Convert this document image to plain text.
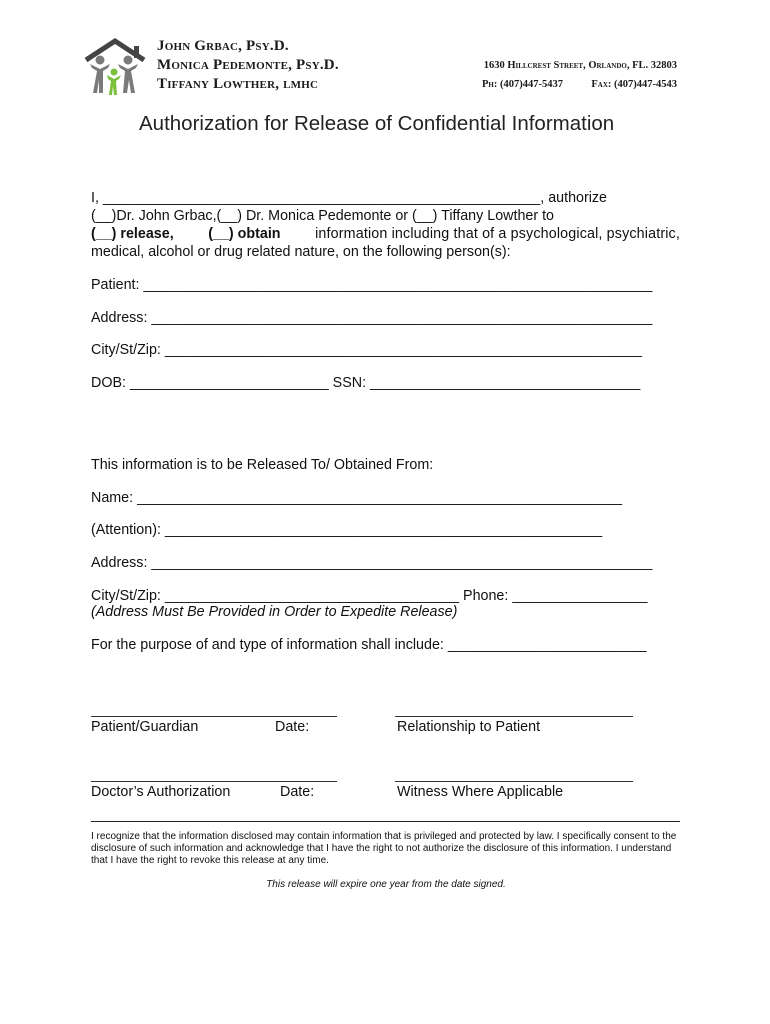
John Grbac, Psy.D.
Monica Pedemonte, Psy.D.
Tiffany Lowther, lmhc
1630 Hillcrest Street, Orlando, FL. 32803
Ph: (407)447-5437	Fax: (407)447-4543
Authorization for Release of Confidential Information
I, _______________________________________________________, authorize
(__)Dr. John Grbac,(__) Dr. Monica Pedemonte or (__) Tiffany Lowther to
(__) release, (__) obtain information including that of a psychological, psychiatric,
medical, alcohol or drug related nature, on the following person(s):
Patient: ________________________________________________________________
Address: _______________________________________________________________
City/St/Zip: ____________________________________________________________
DOB: _________________________ SSN: __________________________________
This information is to be Released To/ Obtained From:
Name: _____________________________________________________________
(Attention): _______________________________________________________
Address: _______________________________________________________________
City/St/Zip: _____________________________________ Phone: _________________
(Address Must Be Provided in Order to Expedite Release)
For the purpose of and type of information shall include: _________________________
Patient/Guardian	Date:	Relationship to Patient
Doctor’s Authorization	Date:	Witness Where Applicable
I recognize that the information disclosed may contain information that is privileged and protected by law. I specifically consent to the disclosure of such information and acknowledge that I have the right to not authorize the disclosure of this information. I understand that I have the right to revoke this release at any time.
This release will expire one year from the date signed.
